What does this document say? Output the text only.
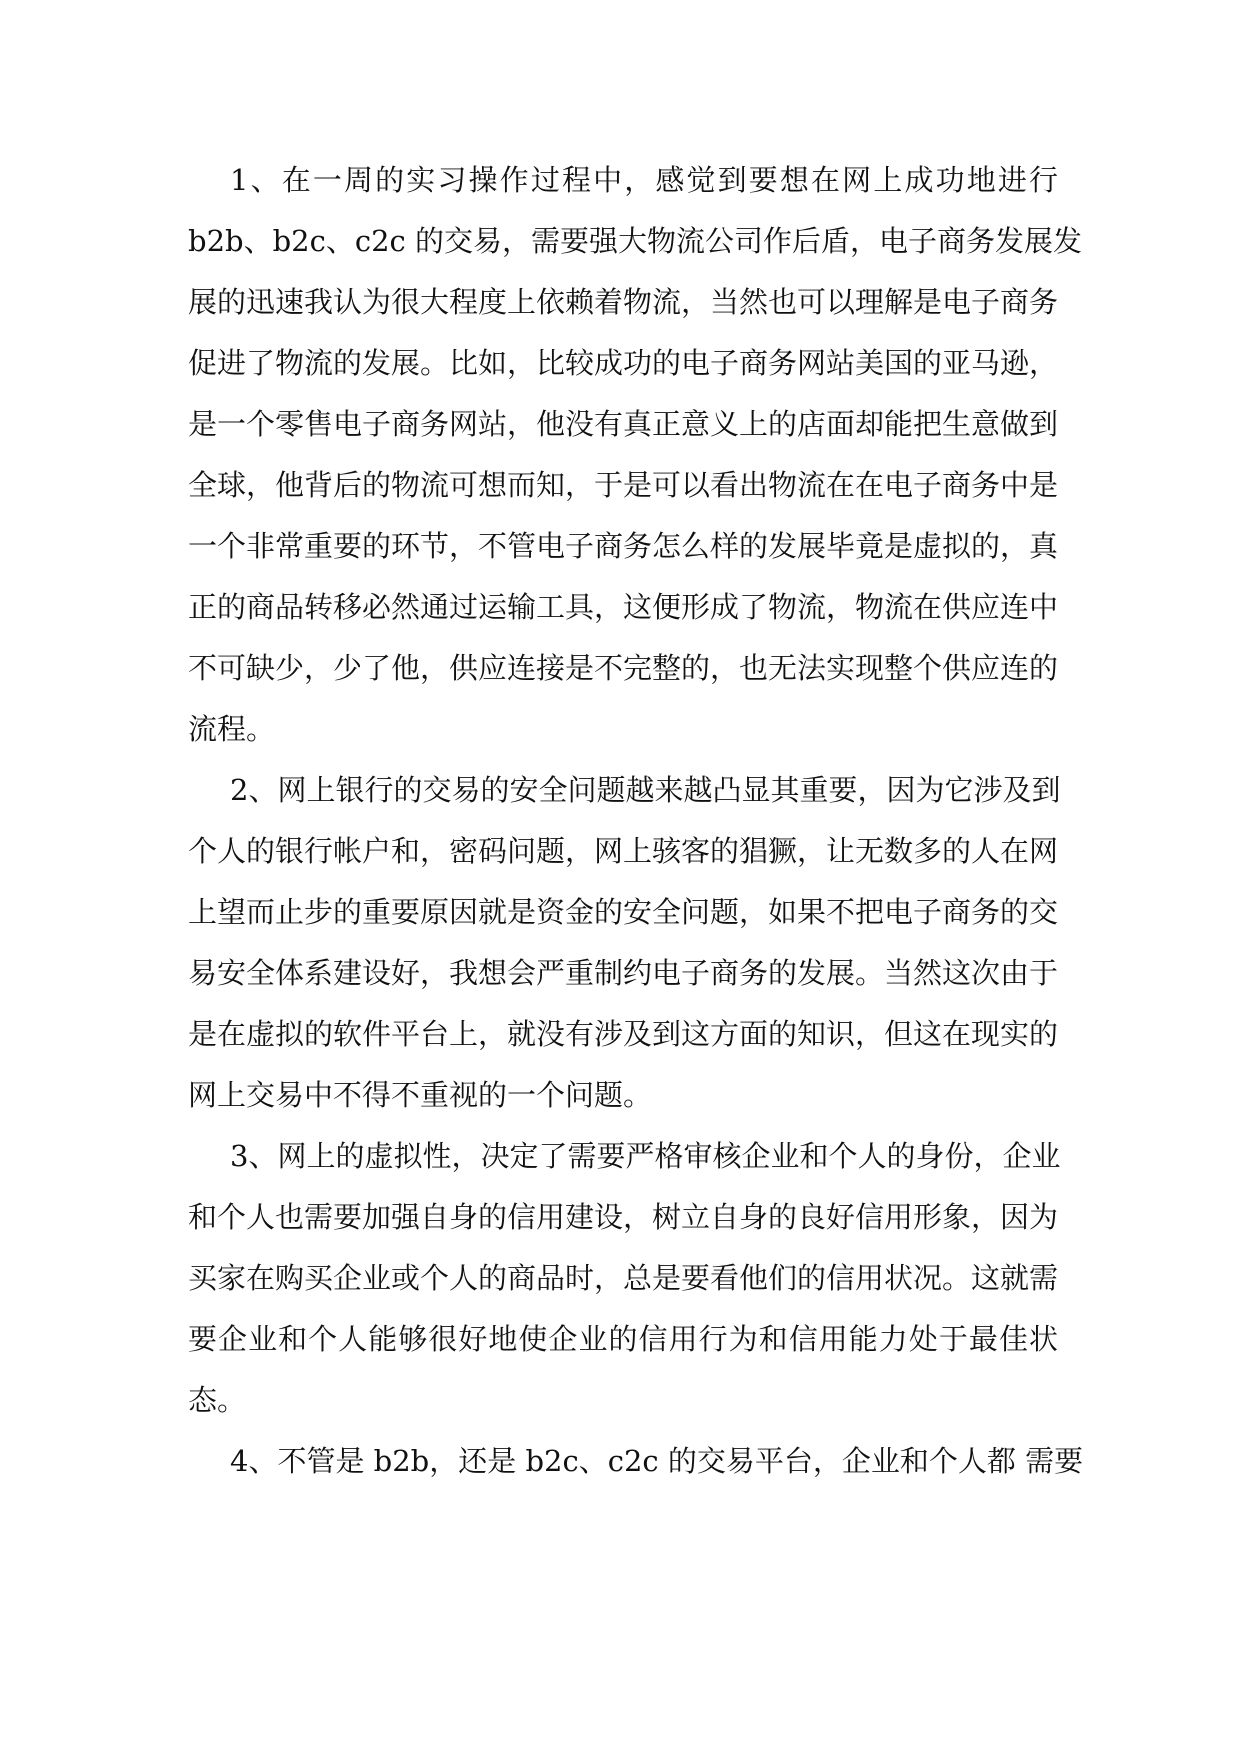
1、在一周的实习操作过程中，感觉到要想在网上成功地进行
b2b、b2c、c2c 的交易，需要强大物流公司作后盾，电子商务发展发
展的迅速我认为很大程度上依赖着物流，当然也可以理解是电子商务
促进了物流的发展。比如，比较成功的电子商务网站美国的亚马逊，
是一个零售电子商务网站，他没有真正意义上的店面却能把生意做到
全球，他背后的物流可想而知，于是可以看出物流在在电子商务中是
一个非常重要的环节，不管电子商务怎么样的发展毕竟是虚拟的，真
正的商品转移必然通过运输工具，这便形成了物流，物流在供应连中
不可缺少，少了他，供应连接是不完整的，也无法实现整个供应连的
流程。
2、网上银行的交易的安全问题越来越凸显其重要，因为它涉及到
个人的银行帐户和，密码问题，网上骇客的猖獗，让无数多的人在网
上望而止步的重要原因就是资金的安全问题，如果不把电子商务的交
易安全体系建设好，我想会严重制约电子商务的发展。当然这次由于
是在虚拟的软件平台上，就没有涉及到这方面的知识，但这在现实的
网上交易中不得不重视的一个问题。
3、网上的虚拟性，决定了需要严格审核企业和个人的身份，企业
和个人也需要加强自身的信用建设，树立自身的良好信用形象，因为
买家在购买企业或个人的商品时，总是要看他们的信用状况。这就需
要企业和个人能够很好地使企业的信用行为和信用能力处于最佳状
态。
4、不管是 b2b，还是 b2c、c2c 的交易平台，企业和个人都 需要
